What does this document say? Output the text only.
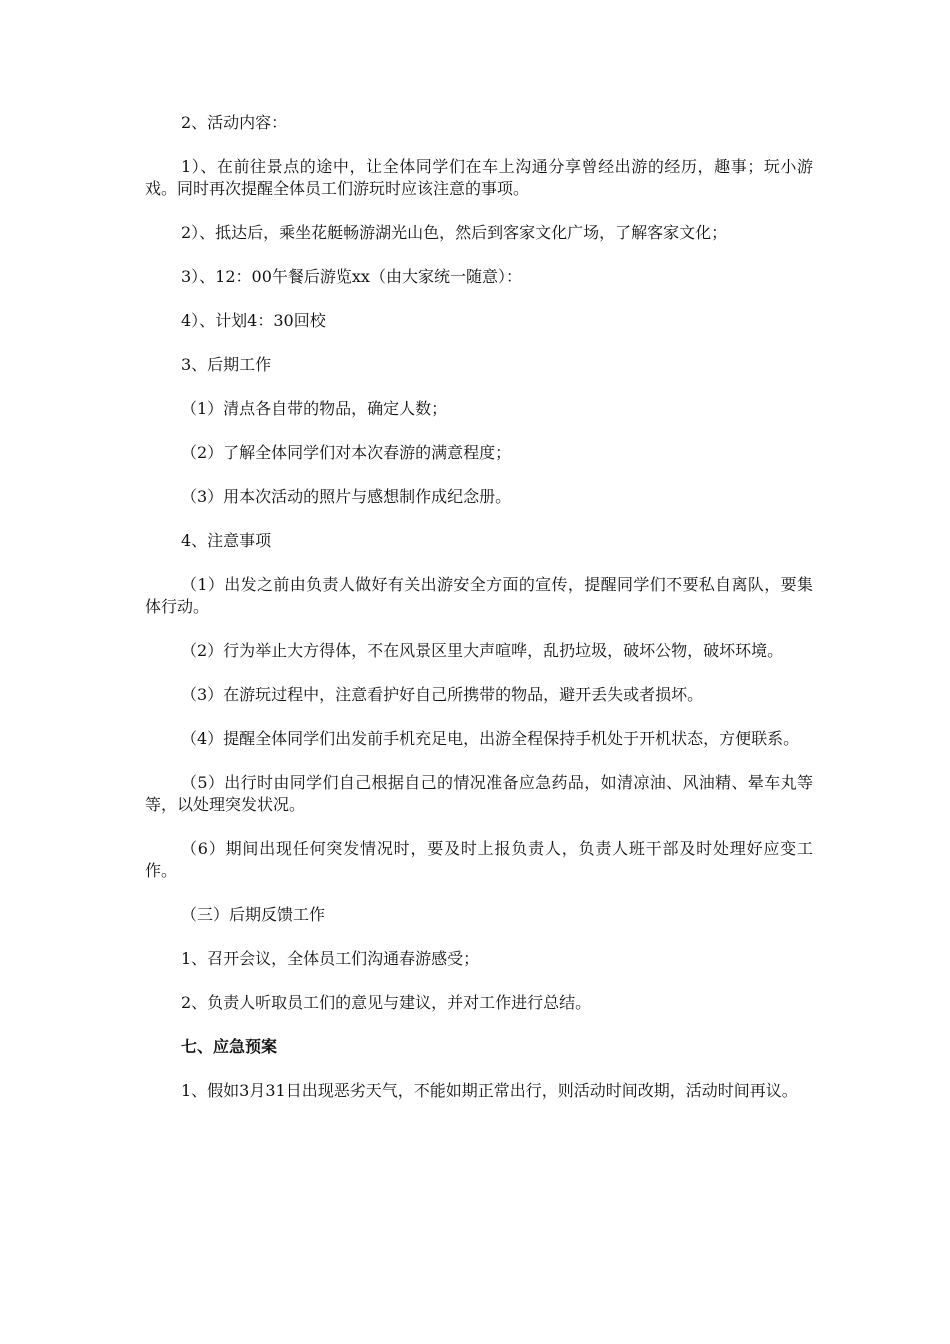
2、活动内容：

1）、在前往景点的途中，让全体同学们在车上沟通分享曾经出游的经历，趣事；玩小游戏。同时再次提醒全体员工们游玩时应该注意的事项。

2）、抵达后，乘坐花艇畅游湖光山色，然后到客家文化广场，了解客家文化；

3）、12：00午餐后游览xx（由大家统一随意）：

4）、计划4：30回校

3、后期工作

（1）清点各自带的物品，确定人数；

（2）了解全体同学们对本次春游的满意程度；

（3）用本次活动的照片与感想制作成纪念册。

4、注意事项

（1）出发之前由负责人做好有关出游安全方面的宣传，提醒同学们不要私自离队，要集体行动。

（2）行为举止大方得体，不在风景区里大声喧哗，乱扔垃圾，破坏公物，破坏环境。

（3）在游玩过程中，注意看护好自己所携带的物品，避开丢失或者损坏。

（4）提醒全体同学们出发前手机充足电，出游全程保持手机处于开机状态，方便联系。

（5）出行时由同学们自己根据自己的情况准备应急药品，如清凉油、风油精、晕车丸等等，以处理突发状况。

（6）期间出现任何突发情况时，要及时上报负责人，负责人班干部及时处理好应变工作。

（三）后期反馈工作

1、召开会议，全体员工们沟通春游感受；

2、负责人听取员工们的意见与建议，并对工作进行总结。

七、应急预案

1、假如3月31日出现恶劣天气，不能如期正常出行，则活动时间改期，活动时间再议。
